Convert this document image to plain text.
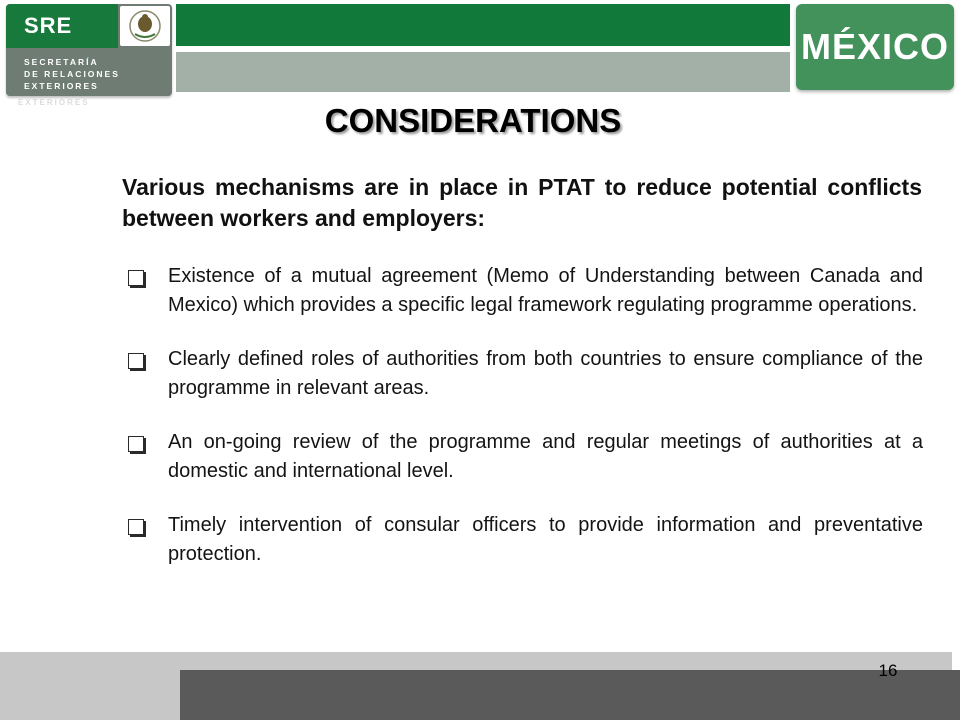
SRE
SECRETARÍA
DE RELACIONES
EXTERIORES
EXTERIORES
MÉXICO
CONSIDERATIONS
Various mechanisms are in place in PTAT to reduce potential conflicts between workers and employers:
Existence of a mutual agreement (Memo of Understanding between Canada and Mexico) which provides a specific legal framework regulating programme operations.
Clearly defined roles of authorities from both countries to ensure compliance of the programme in relevant areas.
An on-going review of the programme and regular meetings of authorities at a domestic and international level.
Timely intervention of consular officers to provide information and preventative protection.
16
